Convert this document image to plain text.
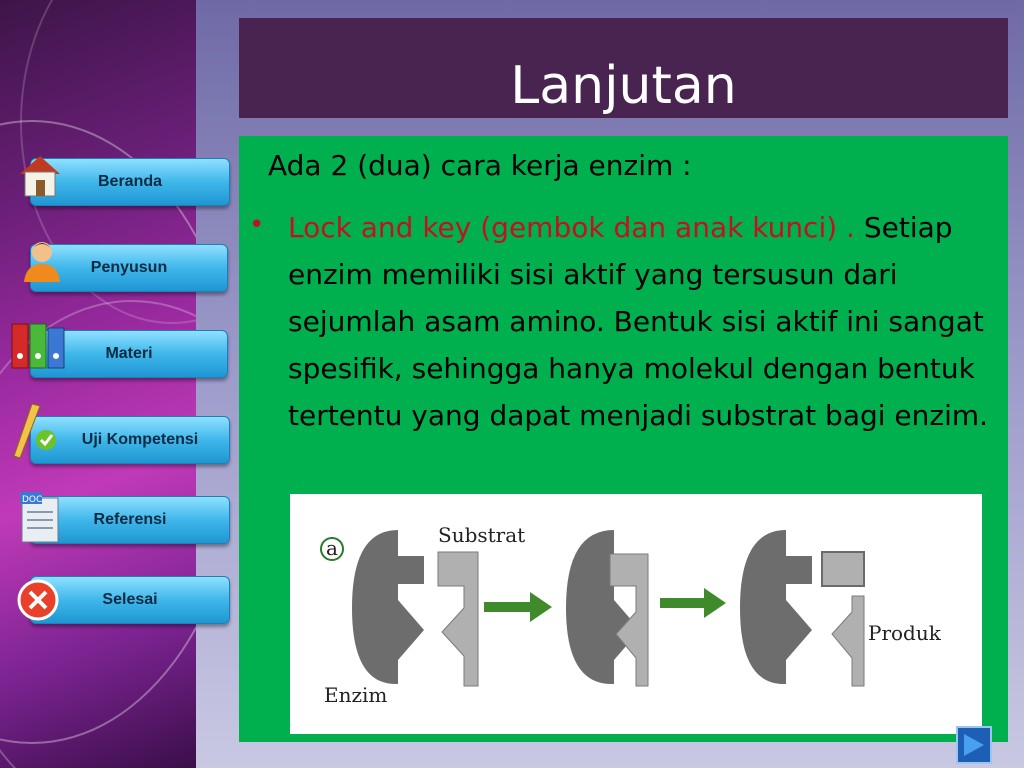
Lanjutan
Beranda
Penyusun
Materi
Uji Kompetensi
Referensi
DOC
Selesai
Ada 2 (dua) cara kerja enzim :
• Lock and key (gembok dan anak kunci) . Setiap enzim memiliki sisi aktif yang tersusun dari sejumlah asam amino. Bentuk sisi aktif ini sangat spesifik, sehingga hanya molekul dengan bentuk tertentu yang dapat menjadi substrat bagi enzim.
a
Substrat
Enzim
Produk
